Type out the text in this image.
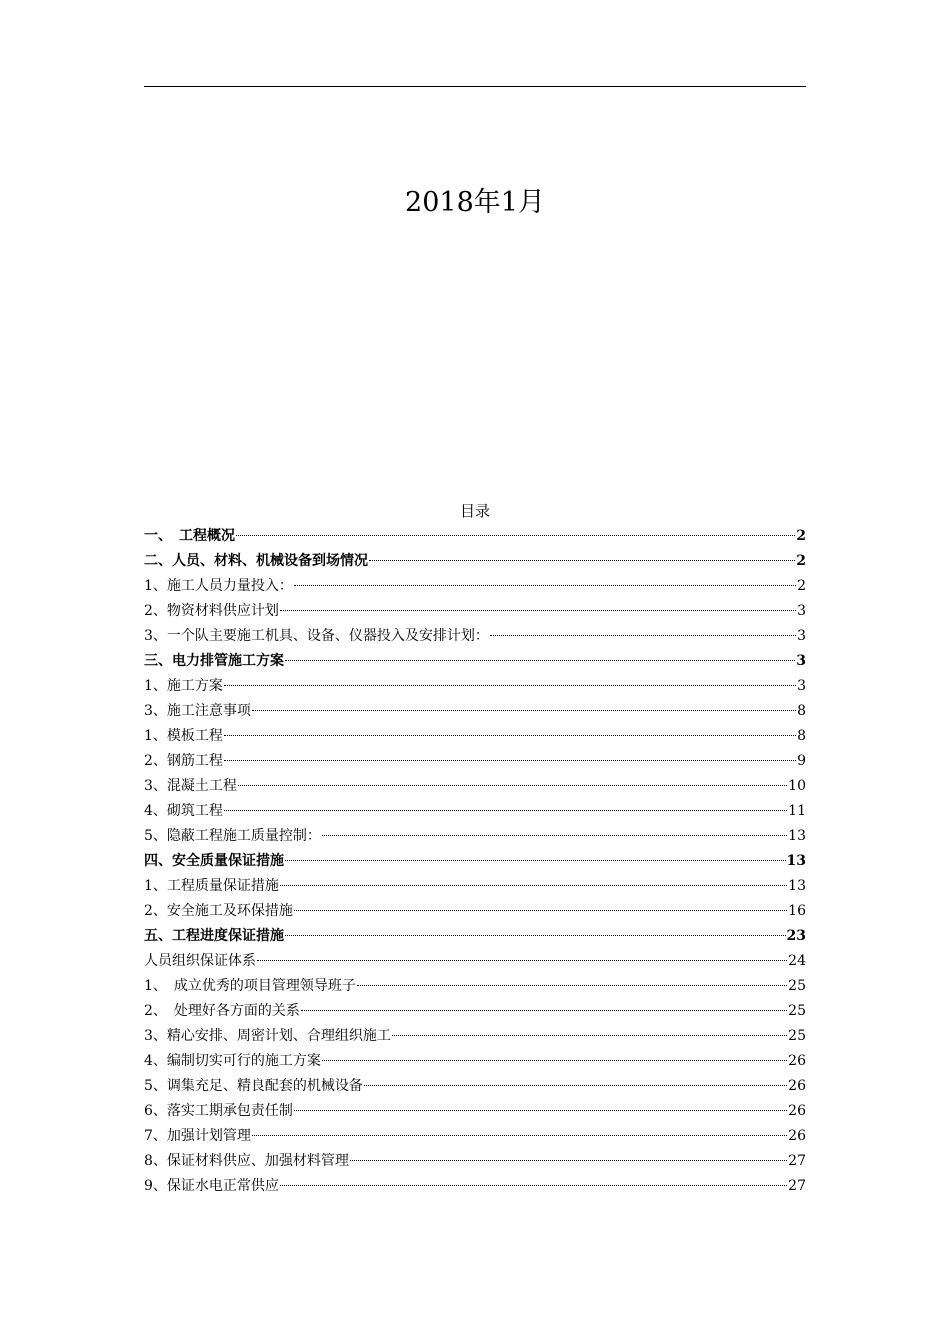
2018年1月
目录
一、　工程概况	2
二、人员、材料、机械设备到场情况	2
1、施工人员力量投入：	2
2、物资材料供应计划	3
3、一个队主要施工机具、设备、仪器投入及安排计划：	3
三、电力排管施工方案	3
1、施工方案	3
3、施工注意事项	8
1、模板工程	8
2、钢筋工程	9
3、混凝土工程	10
4、砌筑工程	11
5、隐蔽工程施工质量控制：	13
四、安全质量保证措施	13
1、工程质量保证措施	13
2、安全施工及环保措施	16
五、工程进度保证措施	23
人员组织保证体系	24
1、　成立优秀的项目管理领导班子	25
2、　处理好各方面的关系	25
3、精心安排、周密计划、合理组织施工	25
4、编制切实可行的施工方案	26
5、调集充足、精良配套的机械设备	26
6、落实工期承包责任制	26
7、加强计划管理	26
8、保证材料供应、加强材料管理	27
9、保证水电正常供应	27
